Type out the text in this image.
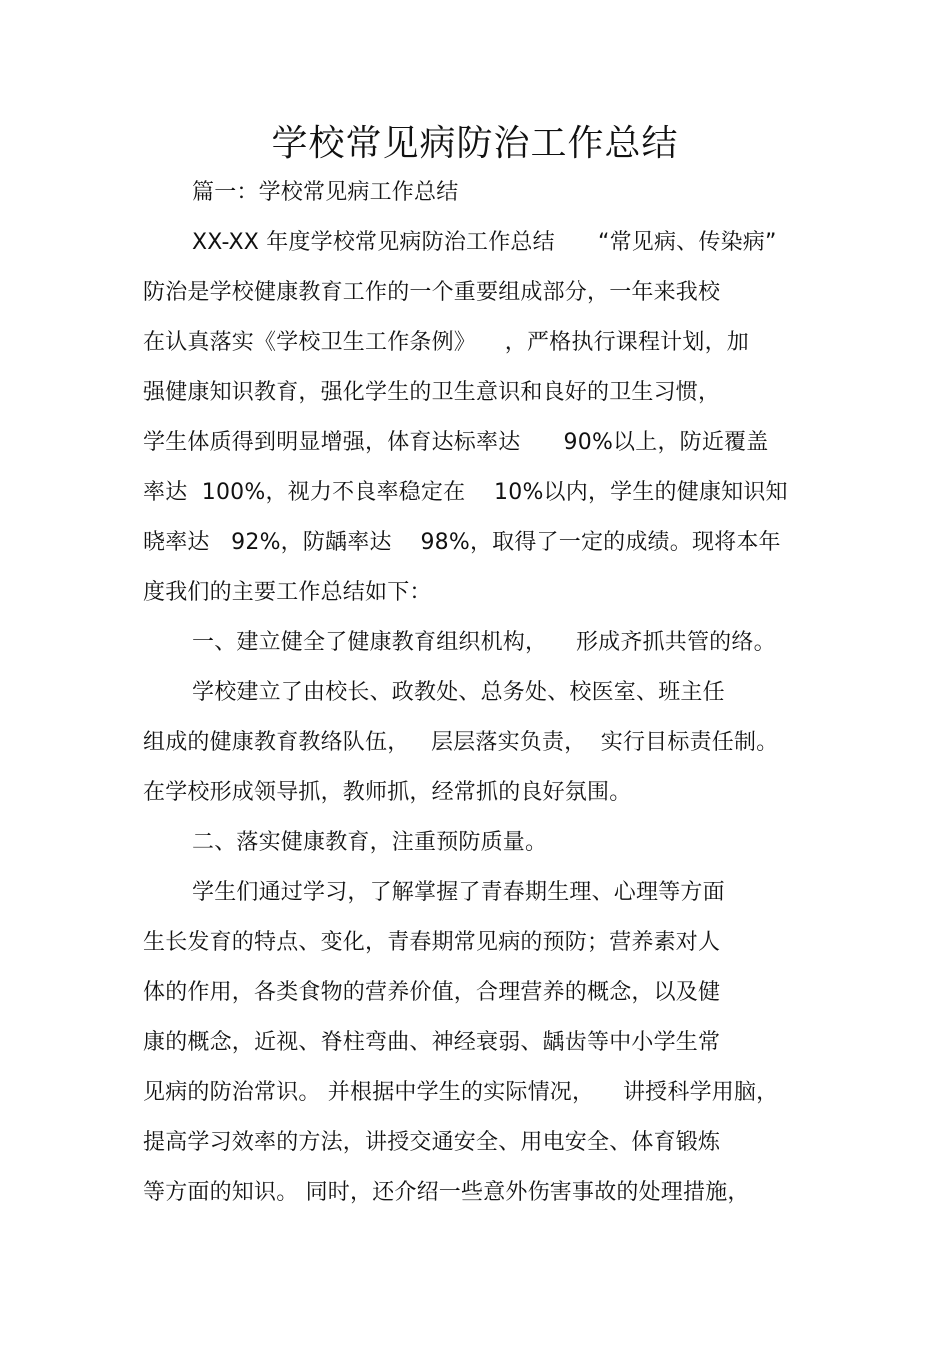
学校常见病防治工作总结
篇一：学校常见病工作总结
XX-XX 年度学校常见病防治工作总结      “常见病、传染病”
防治是学校健康教育工作的一个重要组成部分，一年来我校
在认真落实《学校卫生工作条例》    ，严格执行课程计划，加
强健康知识教育，强化学生的卫生意识和良好的卫生习惯，
学生体质得到明显增强，体育达标率达      90%以上，防近覆盖
率达  100%，视力不良率稳定在    10%以内，学生的健康知识知
晓率达   92%，防龋率达    98%，取得了一定的成绩。现将本年
度我们的主要工作总结如下：
一、建立健全了健康教育组织机构，    形成齐抓共管的络。
学校建立了由校长、政教处、总务处、校医室、班主任
组成的健康教育教络队伍，   层层落实负责，  实行目标责任制。
在学校形成领导抓，教师抓，经常抓的良好氛围。
二、落实健康教育，注重预防质量。
学生们通过学习，了解掌握了青春期生理、心理等方面
生长发育的特点、变化，青春期常见病的预防；营养素对人
体的作用，各类食物的营养价值，合理营养的概念，以及健
康的概念，近视、脊柱弯曲、神经衰弱、龋齿等中小学生常
见病的防治常识。 并根据中学生的实际情况，    讲授科学用脑，
提高学习效率的方法，讲授交通安全、用电安全、体育锻炼
等方面的知识。 同时，还介绍一些意外伤害事故的处理措施，
